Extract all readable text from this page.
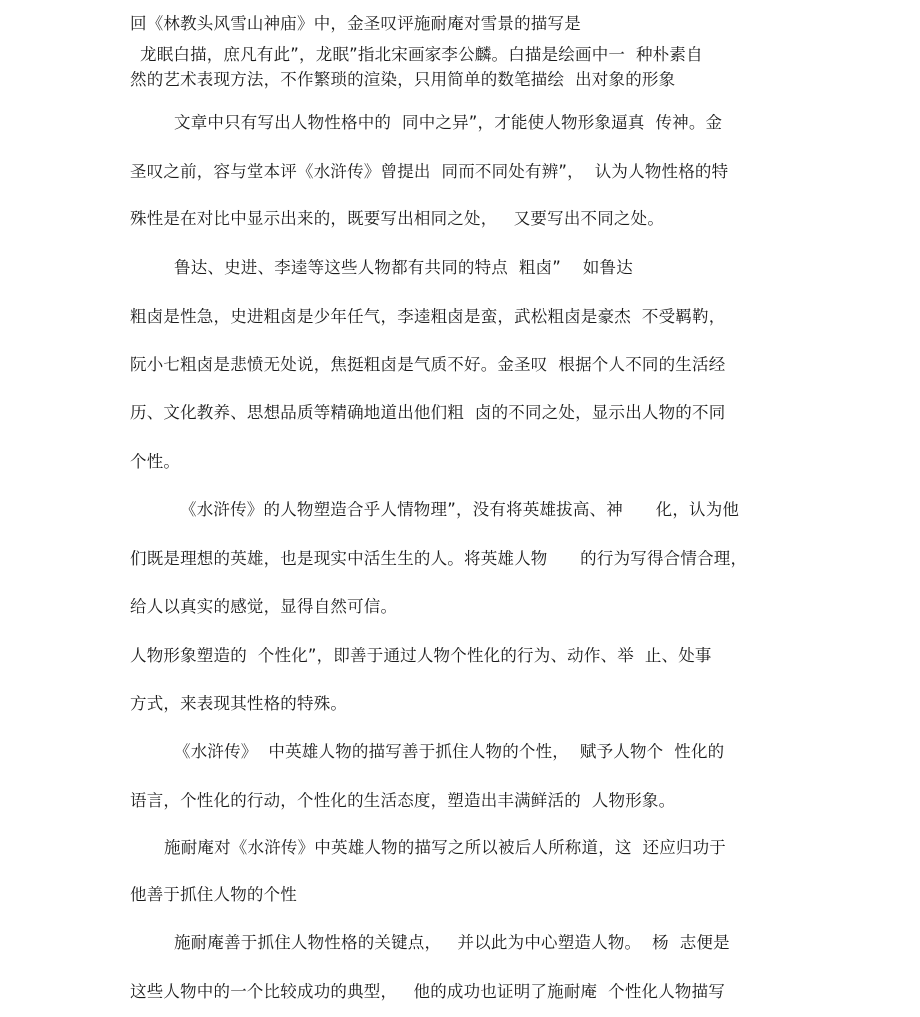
回《林教头风雪山神庙》中，金圣叹评施耐庵对雪景的描写是
龙眠白描，庶凡有此”，龙眠”指北宋画家李公麟。白描是绘画中一  种朴素自
然的艺术表现方法，不作繁琐的渲染，只用简单的数笔描绘  出对象的形象
文章中只有写出人物性格中的  同中之异”，才能使人物形象逼真  传神。金
圣叹之前，容与堂本评《水浒传》曾提出  同而不同处有辨”，  认为人物性格的特
殊性是在对比中显示出来的，既要写出相同之处，   又要写出不同之处。
鲁达、史进、李逵等这些人物都有共同的特点  粗卤”    如鲁达
粗卤是性急，史进粗卤是少年任气，李逵粗卤是蛮，武松粗卤是豪杰  不受羁靮，
阮小七粗卤是悲愤无处说，焦挺粗卤是气质不好。金圣叹  根据个人不同的生活经
历、文化教养、思想品质等精确地道出他们粗  卤的不同之处，显示出人物的不同
个性。
《水浒传》的人物塑造合乎人情物理”，没有将英雄拔高、神      化，认为他
们既是理想的英雄，也是现实中活生生的人。将英雄人物      的行为写得合情合理，
给人以真实的感觉，显得自然可信。
人物形象塑造的  个性化”，即善于通过人物个性化的行为、动作、举  止、处事
方式，来表现其性格的特殊。
《水浒传》  中英雄人物的描写善于抓住人物的个性，  赋予人物个  性化的
语言，个性化的行动，个性化的生活态度，塑造出丰满鲜活的  人物形象。
施耐庵对《水浒传》中英雄人物的描写之所以被后人所称道，这  还应归功于
他善于抓住人物的个性
施耐庵善于抓住人物性格的关键点，   并以此为中心塑造人物。  杨  志便是
这些人物中的一个比较成功的典型，   他的成功也证明了施耐庵  个性化人物描写
